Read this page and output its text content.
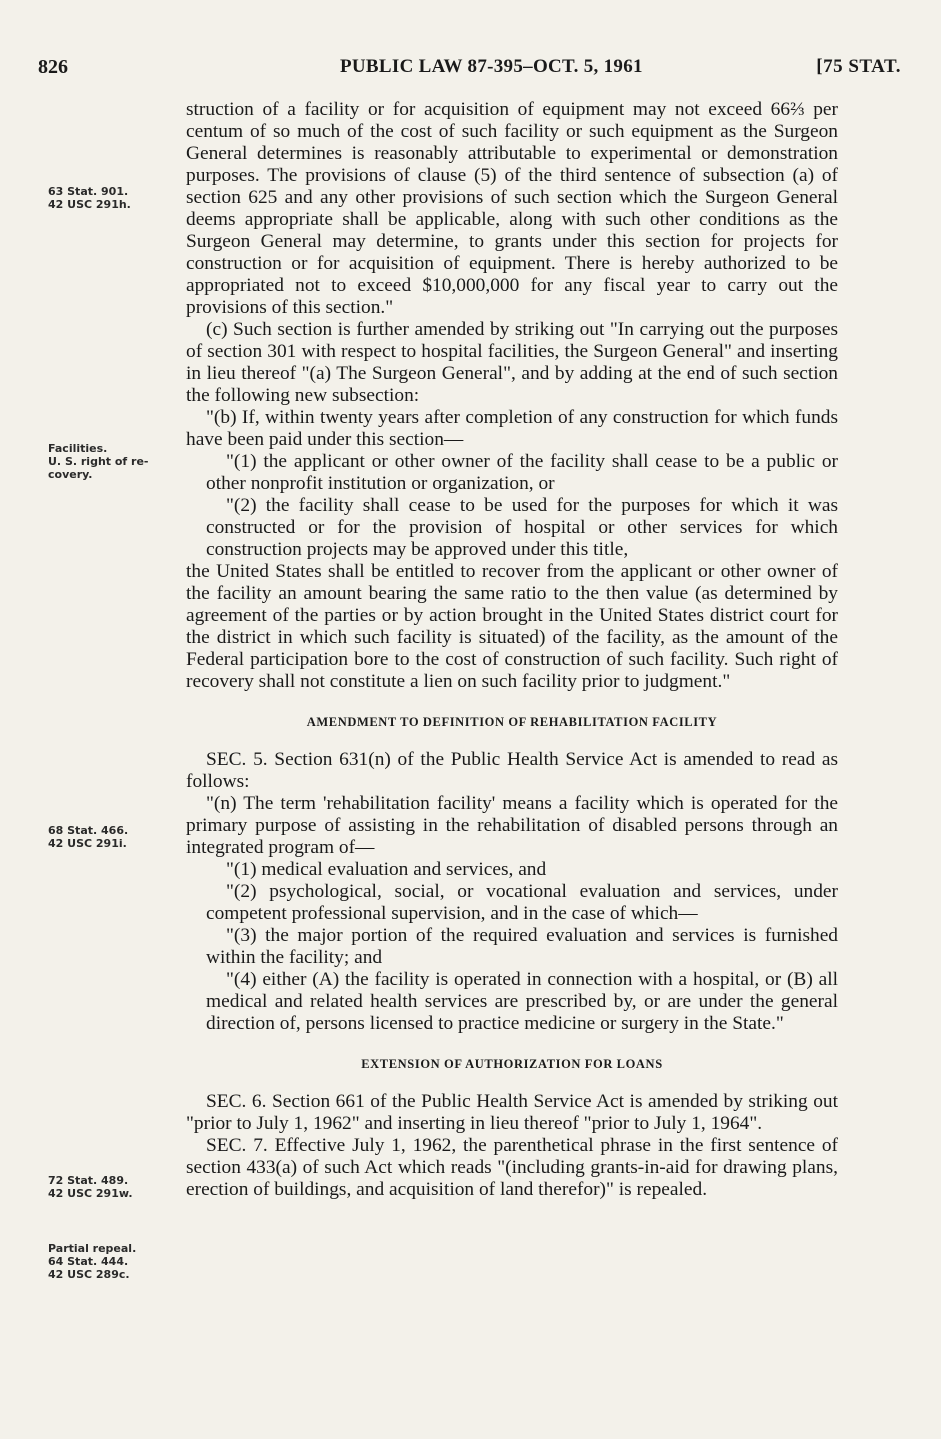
826	PUBLIC LAW 87-395–OCT. 5, 1961	[75 STAT.
63 Stat. 901.
42 USC 291h.
Facilities.
U. S. right of re-
covery.
68 Stat. 466.
42 USC 291i.
72 Stat. 489.
42 USC 291w.
Partial repeal.
64 Stat. 444.
42 USC 289c.

struction of a facility or for acquisition of equipment may not exceed 66⅔ per centum of so much of the cost of such facility or such equipment as the Surgeon General determines is reasonably attributable to experimental or demonstration purposes. The provisions of clause (5) of the third sentence of subsection (a) of section 625 and any other provisions of such section which the Surgeon General deems appropriate shall be applicable, along with such other conditions as the Surgeon General may determine, to grants under this section for projects for construction or for acquisition of equipment. There is hereby authorized to be appropriated not to exceed $10,000,000 for any fiscal year to carry out the provisions of this section."

(c) Such section is further amended by striking out "In carrying out the purposes of section 301 with respect to hospital facilities, the Surgeon General" and inserting in lieu thereof "(a) The Surgeon General", and by adding at the end of such section the following new subsection:

"(b) If, within twenty years after completion of any construction for which funds have been paid under this section—

"(1) the applicant or other owner of the facility shall cease to be a public or other nonprofit institution or organization, or

"(2) the facility shall cease to be used for the purposes for which it was constructed or for the provision of hospital or other services for which construction projects may be approved under this title,

the United States shall be entitled to recover from the applicant or other owner of the facility an amount bearing the same ratio to the then value (as determined by agreement of the parties or by action brought in the United States district court for the district in which such facility is situated) of the facility, as the amount of the Federal participation bore to the cost of construction of such facility. Such right of recovery shall not constitute a lien on such facility prior to judgment."

AMENDMENT TO DEFINITION OF REHABILITATION FACILITY

SEC. 5. Section 631(n) of the Public Health Service Act is amended to read as follows:

"(n) The term 'rehabilitation facility' means a facility which is operated for the primary purpose of assisting in the rehabilitation of disabled persons through an integrated program of—

"(1) medical evaluation and services, and

"(2) psychological, social, or vocational evaluation and services, under competent professional supervision, and in the case of which—

"(3) the major portion of the required evaluation and services is furnished within the facility; and

"(4) either (A) the facility is operated in connection with a hospital, or (B) all medical and related health services are prescribed by, or are under the general direction of, persons licensed to practice medicine or surgery in the State."

EXTENSION OF AUTHORIZATION FOR LOANS

SEC. 6. Section 661 of the Public Health Service Act is amended by striking out "prior to July 1, 1962" and inserting in lieu thereof "prior to July 1, 1964".

SEC. 7. Effective July 1, 1962, the parenthetical phrase in the first sentence of section 433(a) of such Act which reads "(including grants-in-aid for drawing plans, erection of buildings, and acquisition of land therefor)" is repealed.
